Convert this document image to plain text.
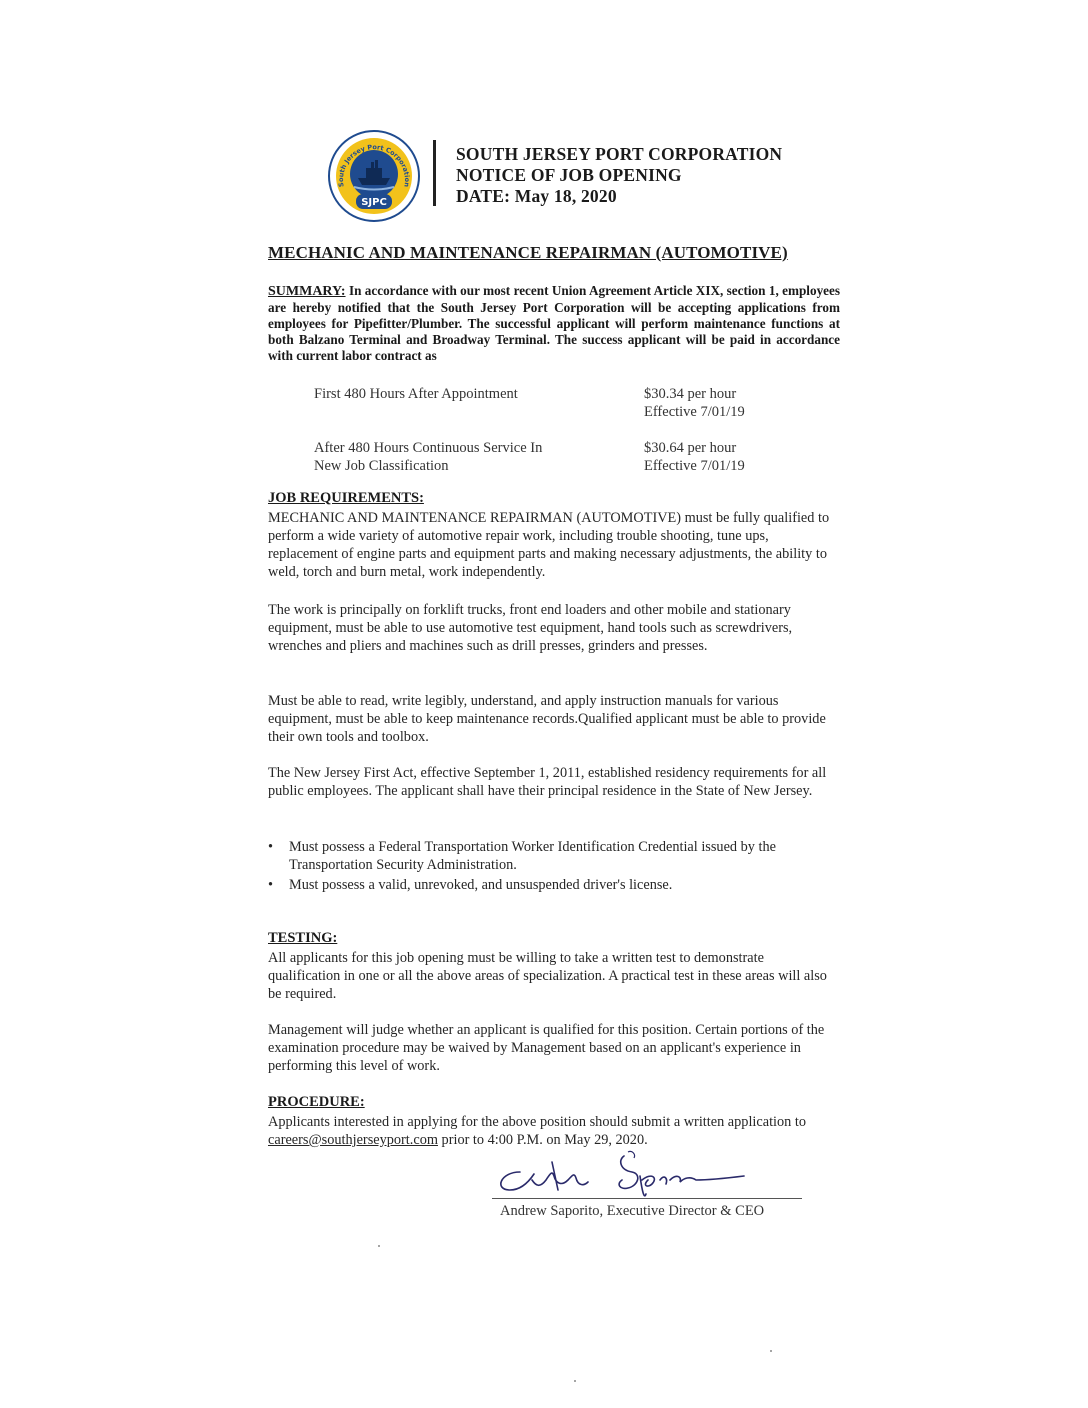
South Jersey Port Corporation
SJPC
SOUTH JERSEY PORT CORPORATION
NOTICE OF JOB OPENING
DATE: May 18, 2020
MECHANIC AND MAINTENANCE REPAIRMAN (AUTOMOTIVE)
SUMMARY: In accordance with our most recent Union Agreement Article XIX, section 1, employees are hereby notified that the South Jersey Port Corporation will be accepting applications from employees for Pipefitter/Plumber. The successful applicant will perform maintenance functions at both Balzano Terminal and Broadway Terminal. The success applicant will be paid in accordance with current labor contract as
First 480 Hours After Appointment	$30.34 per hour
Effective 7/01/19
After 480 Hours Continuous Service In
New Job Classification
$30.64 per hour
Effective 7/01/19
JOB REQUIREMENTS:
MECHANIC AND MAINTENANCE REPAIRMAN (AUTOMOTIVE) must be fully qualified to perform a wide variety of automotive repair work, including trouble shooting, tune ups, replacement of engine parts and equipment parts and making necessary adjustments, the ability to weld, torch and burn metal, work independently.
The work is principally on forklift trucks, front end loaders and other mobile and stationary equipment, must be able to use automotive test equipment, hand tools such as screwdrivers, wrenches and pliers and machines such as drill presses, grinders and presses.
Must be able to read, write legibly, understand, and apply instruction manuals for various equipment, must be able to keep maintenance records.Qualified applicant must be able to provide their own tools and toolbox.
The New Jersey First Act, effective September 1, 2011, established residency requirements for all public employees. The applicant shall have their principal residence in the State of New Jersey.
• Must possess a Federal Transportation Worker Identification Credential issued by the Transportation Security Administration.
• Must possess a valid, unrevoked, and unsuspended driver's license.
TESTING:
All applicants for this job opening must be willing to take a written test to demonstrate qualification in one or all the above areas of specialization. A practical test in these areas will also be required.
Management will judge whether an applicant is qualified for this position. Certain portions of the examination procedure may be waived by Management based on an applicant's experience in performing this level of work.
PROCEDURE:
Applicants interested in applying for the above position should submit a written application to careers@southjerseyport.com prior to 4:00 P.M. on May 29, 2020.
Andrew Saporito, Executive Director & CEO
